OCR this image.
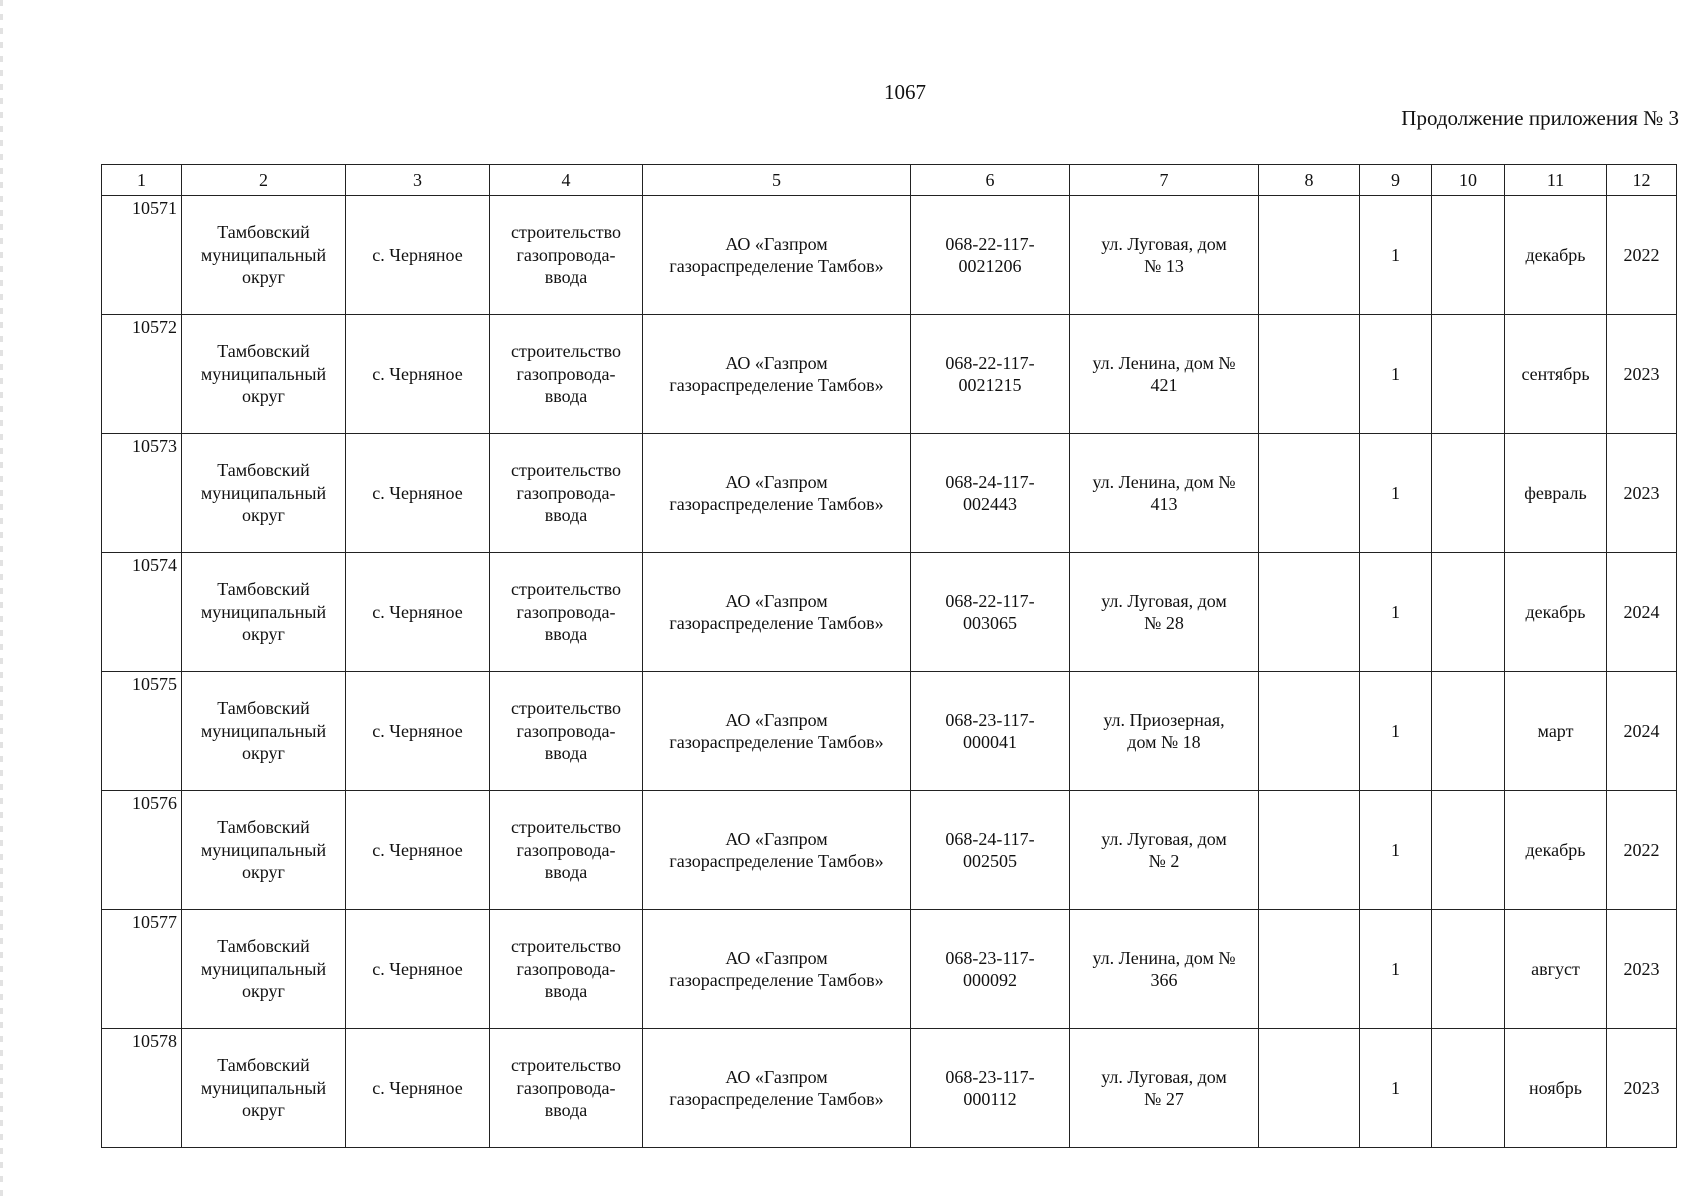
1067
Продолжение приложения № 3
1	2	3	4	5	6	7	8	9	10	11	12
10571	Тамбовский
муниципальный
округ	с. Черняное	строительство
газопровода-
ввода	АО «Газпром
газораспределение Тамбов»	068-22-117-
0021206	ул. Луговая, дом
№ 13		1		декабрь	2022
10572	Тамбовский
муниципальный
округ	с. Черняное	строительство
газопровода-
ввода	АО «Газпром
газораспределение Тамбов»	068-22-117-
0021215	ул. Ленина, дом №
421		1		сентябрь	2023
10573	Тамбовский
муниципальный
округ	с. Черняное	строительство
газопровода-
ввода	АО «Газпром
газораспределение Тамбов»	068-24-117-
002443	ул. Ленина, дом №
413		1		февраль	2023
10574	Тамбовский
муниципальный
округ	с. Черняное	строительство
газопровода-
ввода	АО «Газпром
газораспределение Тамбов»	068-22-117-
003065	ул. Луговая, дом
№ 28		1		декабрь	2024
10575	Тамбовский
муниципальный
округ	с. Черняное	строительство
газопровода-
ввода	АО «Газпром
газораспределение Тамбов»	068-23-117-
000041	ул. Приозерная,
дом № 18		1		март	2024
10576	Тамбовский
муниципальный
округ	с. Черняное	строительство
газопровода-
ввода	АО «Газпром
газораспределение Тамбов»	068-24-117-
002505	ул. Луговая, дом
№ 2		1		декабрь	2022
10577	Тамбовский
муниципальный
округ	с. Черняное	строительство
газопровода-
ввода	АО «Газпром
газораспределение Тамбов»	068-23-117-
000092	ул. Ленина, дом №
366		1		август	2023
10578	Тамбовский
муниципальный
округ	с. Черняное	строительство
газопровода-
ввода	АО «Газпром
газораспределение Тамбов»	068-23-117-
000112	ул. Луговая, дом
№ 27		1		ноябрь	2023
